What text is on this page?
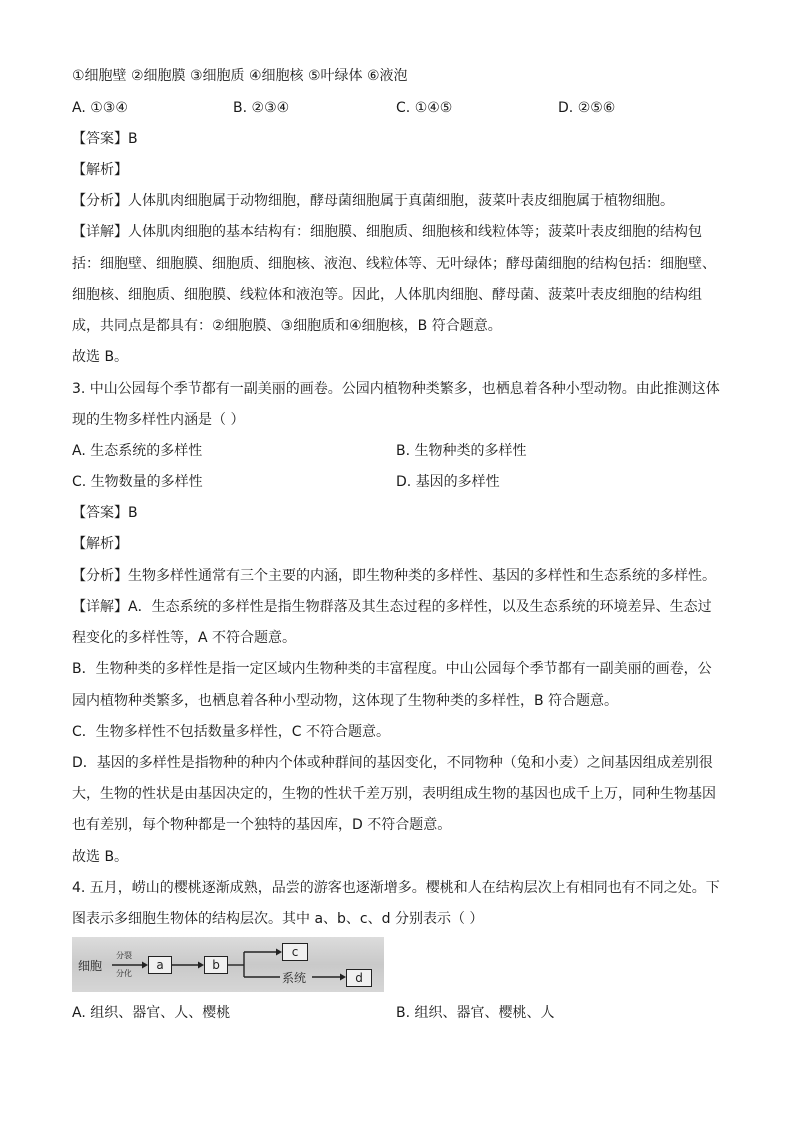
①细胞壁 ②细胞膜 ③细胞质 ④细胞核 ⑤叶绿体 ⑥液泡
A. ①③④	B. ②③④	C. ①④⑤	D. ②⑤⑥
【答案】B
【解析】
【分析】人体肌肉细胞属于动物细胞，酵母菌细胞属于真菌细胞，菠菜叶表皮细胞属于植物细胞。
【详解】人体肌肉细胞的基本结构有：细胞膜、细胞质、细胞核和线粒体等；菠菜叶表皮细胞的结构包
括：细胞壁、细胞膜、细胞质、细胞核、液泡、线粒体等、无叶绿体；酵母菌细胞的结构包括：细胞壁、
细胞核、细胞质、细胞膜、线粒体和液泡等。因此，人体肌肉细胞、酵母菌、菠菜叶表皮细胞的结构组
成，共同点是都具有：②细胞膜、③细胞质和④细胞核，B 符合题意。
故选 B。
3. 中山公园每个季节都有一副美丽的画卷。公园内植物种类繁多，也栖息着各种小型动物。由此推测这体
现的生物多样性内涵是（ ）
A. 生态系统的多样性	B. 生物种类的多样性
C. 生物数量的多样性	D. 基因的多样性
【答案】B
【解析】
【分析】生物多样性通常有三个主要的内涵，即生物种类的多样性、基因的多样性和生态系统的多样性。
【详解】A．生态系统的多样性是指生物群落及其生态过程的多样性，以及生态系统的环境差异、生态过
程变化的多样性等，A 不符合题意。
B．生物种类的多样性是指一定区域内生物种类的丰富程度。中山公园每个季节都有一副美丽的画卷，公
园内植物种类繁多，也栖息着各种小型动物，这体现了生物种类的多样性，B 符合题意。
C．生物多样性不包括数量多样性，C 不符合题意。
D．基因的多样性是指物种的种内个体或种群间的基因变化，不同物种（兔和小麦）之间基因组成差别很
大，生物的性状是由基因决定的，生物的性状千差万别，表明组成生物的基因也成千上万，同种生物基因
也有差别，每个物种都是一个独特的基因库，D 不符合题意。
故选 B。
4. 五月，崂山的樱桃逐渐成熟，品尝的游客也逐渐增多。樱桃和人在结构层次上有相同也有不同之处。下
图表示多细胞生物体的结构层次。其中 a、b、c、d 分别表示（ ）
细胞
分裂
分化
a	b
c
系统	d
A. 组织、器官、人、樱桃	B. 组织、器官、樱桃、人
